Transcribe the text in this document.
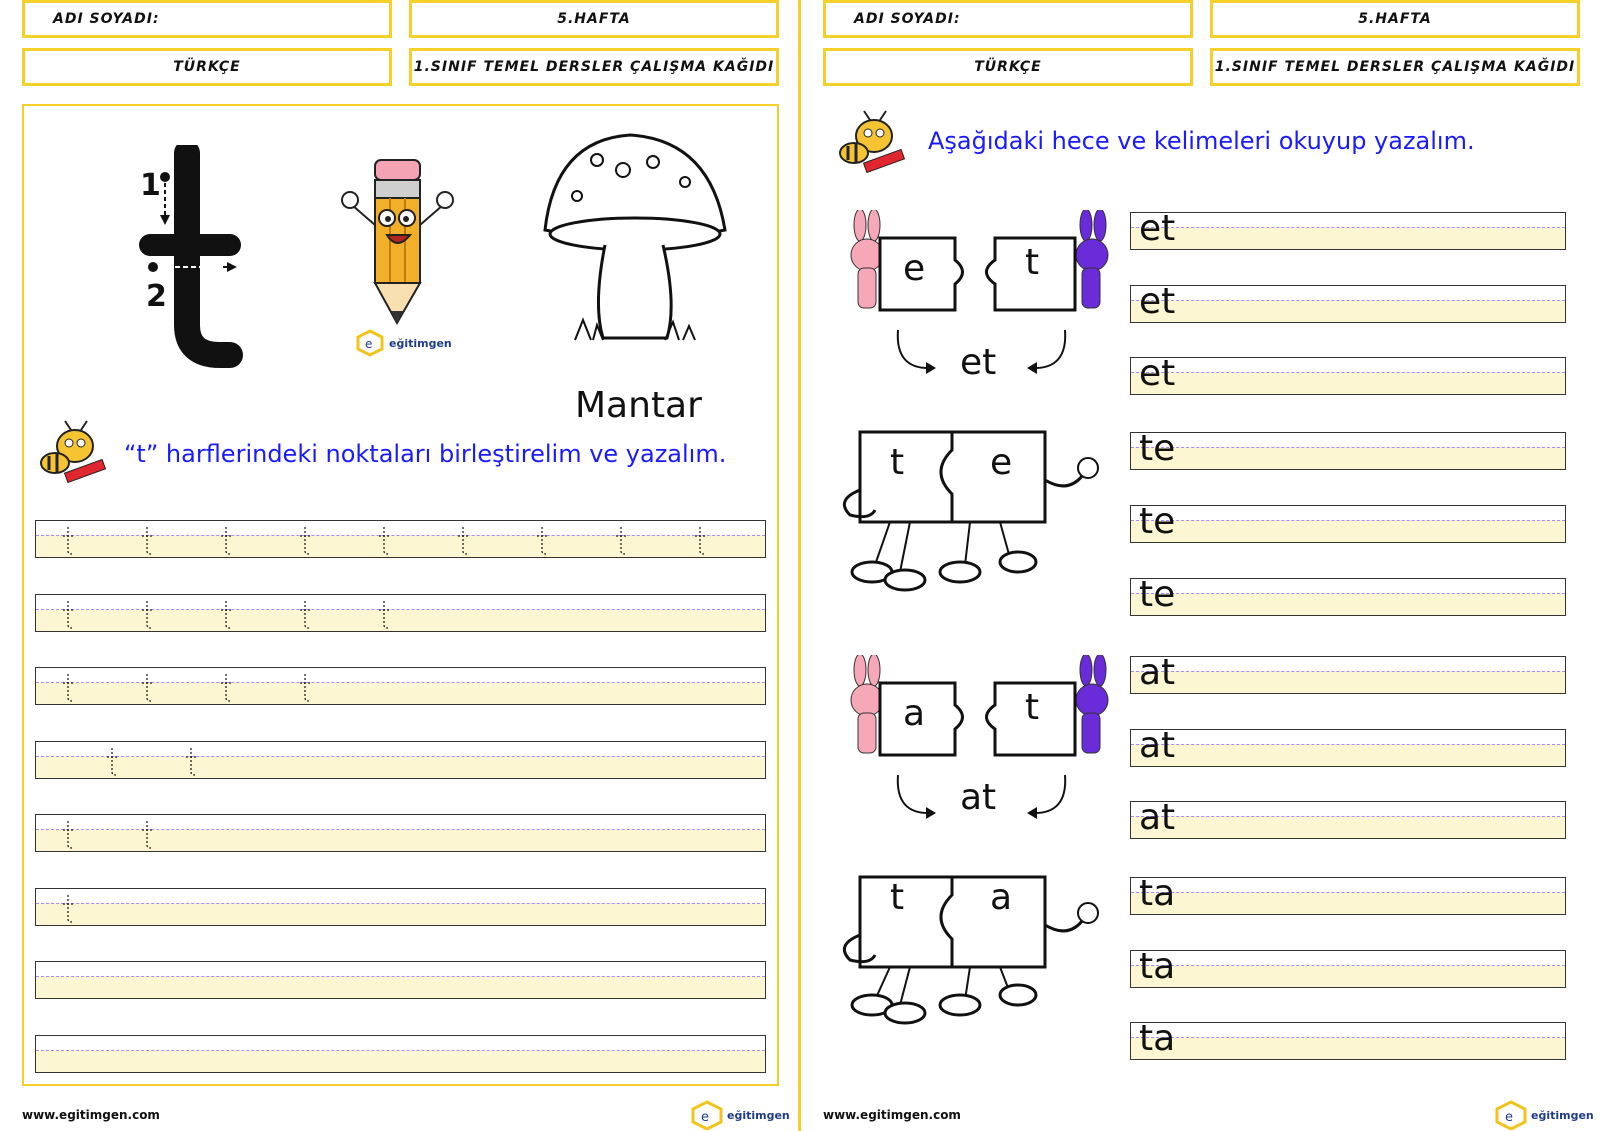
ADI SOYADI:	5.HAFTA
TÜRKÇE	1.SINIF TEMEL DERSLER ÇALIŞMA KAĞIDI
1
2
e eğitimgen
Mantar
“t” harflerindeki noktaları birleştirelim ve yazalım.
www.egitimgen.com	e eğitimgen
ADI SOYADI:	5.HAFTA
TÜRKÇE	1.SINIF TEMEL DERSLER ÇALIŞMA KAĞIDI
Aşağıdaki hece ve kelimeleri okuyup yazalım.
e	t
et
t e
a	t
at
t a
et
et
et
te
te
te
at
at
at
ta
ta
ta
www.egitimgen.com	e eğitimgen
